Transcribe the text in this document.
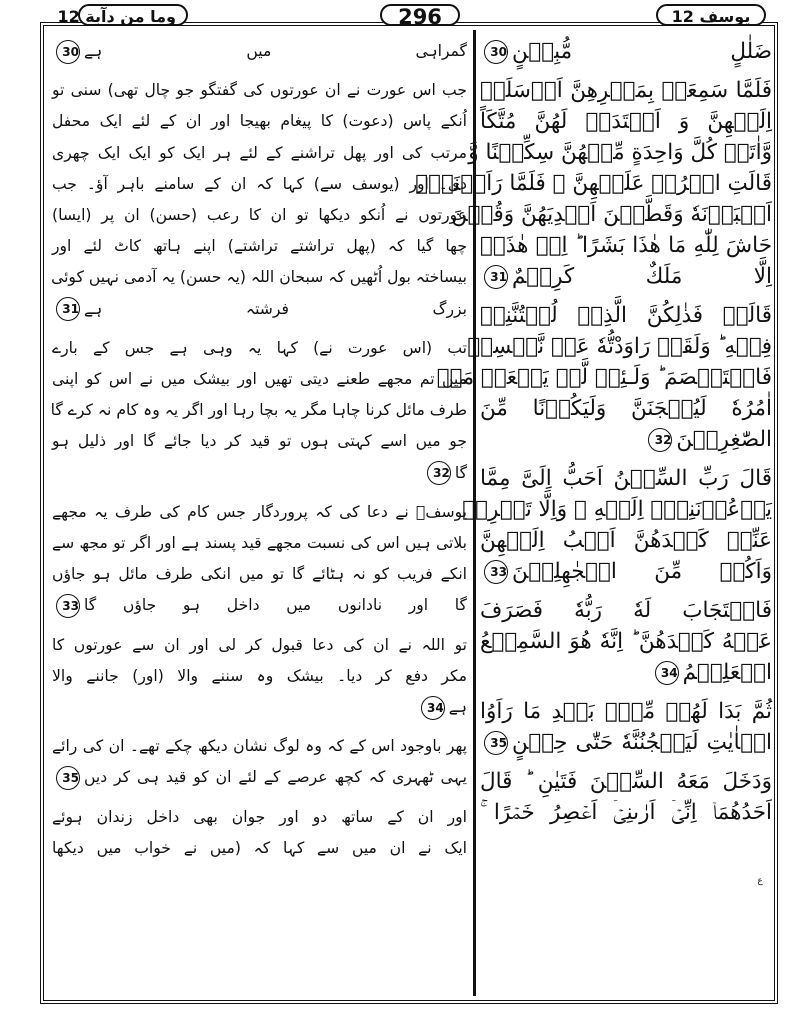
وما من دآبة 12	296	يوسف 12
ضَلٰلٍ مُّبِيۡنٍ30
فَلَمَّا سَمِعَتۡ بِمَكۡرِهِنَّ اَرۡسَلَتۡ
اِلَيۡهِنَّ وَ اَعۡتَدَتۡ لَهُنَّ مُتَّكَاً
وَّاٰتَتۡ كُلَّ وَاحِدَةٍ مِّنۡهُنَّ سِكِّيۡنًا وَّ
قَالَتِ اخۡرُجۡ عَلَيۡهِنَّ ۚ فَلَمَّا رَاَيۡنَهٗۤ
اَكۡبَرۡنَهٗ وَقَطَّعۡنَ اَيۡدِيَهُنَّ وَقُلۡنَ
حَاشَ لِلّٰهِ مَا هٰذَا بَشَرًا ؕ اِنۡ هٰذَاۤ
اِلَّا مَلَكٌ كَرِيۡمٌ31
قَالَتۡ فَذٰلِكُنَّ الَّذِىۡ لُمۡتُنَّنِىۡ
فِيۡهِ ؕ وَلَقَدۡ رَاوَدْتُّهٗ عَنۡ نَّفۡسِهٖ
فَاسۡتَعۡصَمَ ؕ وَلَـئِنۡ لَّمۡ يَفۡعَلۡ مَاۤ
اٰمُرُهٗ لَيُسۡجَنَنَّ وَلَيَكُوۡنًا مِّنَ
الصّٰغِرِيۡنَ32
قَالَ رَبِّ السِّجۡنُ اَحَبُّ اِلَىَّ مِمَّا
يَدۡعُوۡنَنِىۡۤ اِلَيۡهِ ۚ وَاِلَّا تَصۡرِفۡ
عَنِّىۡ كَيۡدَهُنَّ اَصۡبُ اِلَيۡهِنَّ
وَاَكُنۡ مِّنَ الۡجٰهِلِيۡنَ33
فَاسۡتَجَابَ لَهٗ رَبُّهٗ فَصَرَفَ
عَنۡهُ كَيۡدَهُنَّ ؕ اِنَّهٗ هُوَ السَّمِيۡعُ
الۡعَلِيۡمُ34
ثُمَّ بَدَا لَهُمۡ مِّنۡۢ بَعۡدِ مَا رَاَوُا
الۡاٰيٰتِ لَيَسۡجُنُنَّهٗ حَتّٰى حِيۡنٍ35
وَدَخَلَ مَعَهُ السِّجۡنَ فَتَيٰنِ ؕ قَالَ
اَحَدُهُمَاۤ اِنِّىۡۤ اَرٰٮنِىۡۤ اَعۡصِرُ خَمۡرًا ۚ
گمراہی میں ہے30
جب اس عورت نے ان عورتوں کی گفتگو جو چال تھی) سنی تو
اُنکے پاس (دعوت) کا پیغام بھیجا اور ان کے لئے ایک محفل
مرتب کی اور پھل تراشنے کے لئے ہر ایک کو ایک ایک چھری
دی۔ اور (یوسف سے) کہا کہ ان کے سامنے باہر آؤ۔ جب
عورتوں نے اُنکو دیکھا تو ان کا رعب (حسن) ان پر (ایسا)
چھا گیا کہ (پھل تراشتے تراشتے) اپنے ہاتھ کاٹ لئے اور
بیساختہ بول اُٹھیں کہ سبحان اللہ (یہ حسن) یہ آدمی نہیں کوئی
بزرگ فرشتہ ہے31
تب (اس عورت نے) کہا یہ وہی ہے جس کے بارے
میں تم مجھے طعنے دیتی تھیں اور بیشک میں نے اس کو اپنی
طرف مائل کرنا چاہا مگر یہ بچا رہا اور اگر یہ وہ کام نہ کرے گا
جو میں اسے کہتی ہوں تو قید کر دیا جائے گا اور ذلیل ہو
گا32
یوسفؑ نے دعا کی کہ پروردگار جس کام کی طرف یہ مجھے
بلاتی ہیں اس کی نسبت مجھے قید پسند ہے اور اگر تو مجھ سے
انکے فریب کو نہ ہٹائے گا تو میں انکی طرف مائل ہو جاؤں
گا اور نادانوں میں داخل ہو جاؤں گا33
تو اللہ نے ان کی دعا قبول کر لی اور ان سے عورتوں کا
مکر دفع کر دیا۔ بیشک وہ سننے والا (اور) جاننے والا
ہے34
پھر باوجود اس کے کہ وہ لوگ نشان دیکھ چکے تھے۔ ان کی رائے
یہی ٹھہری کہ کچھ عرصے کے لئے ان کو قید ہی کر دیں35
اور ان کے ساتھ دو اور جوان بھی داخل زندان ہوئے
ایک نے ان میں سے کہا کہ (میں نے خواب میں دیکھا
ع
